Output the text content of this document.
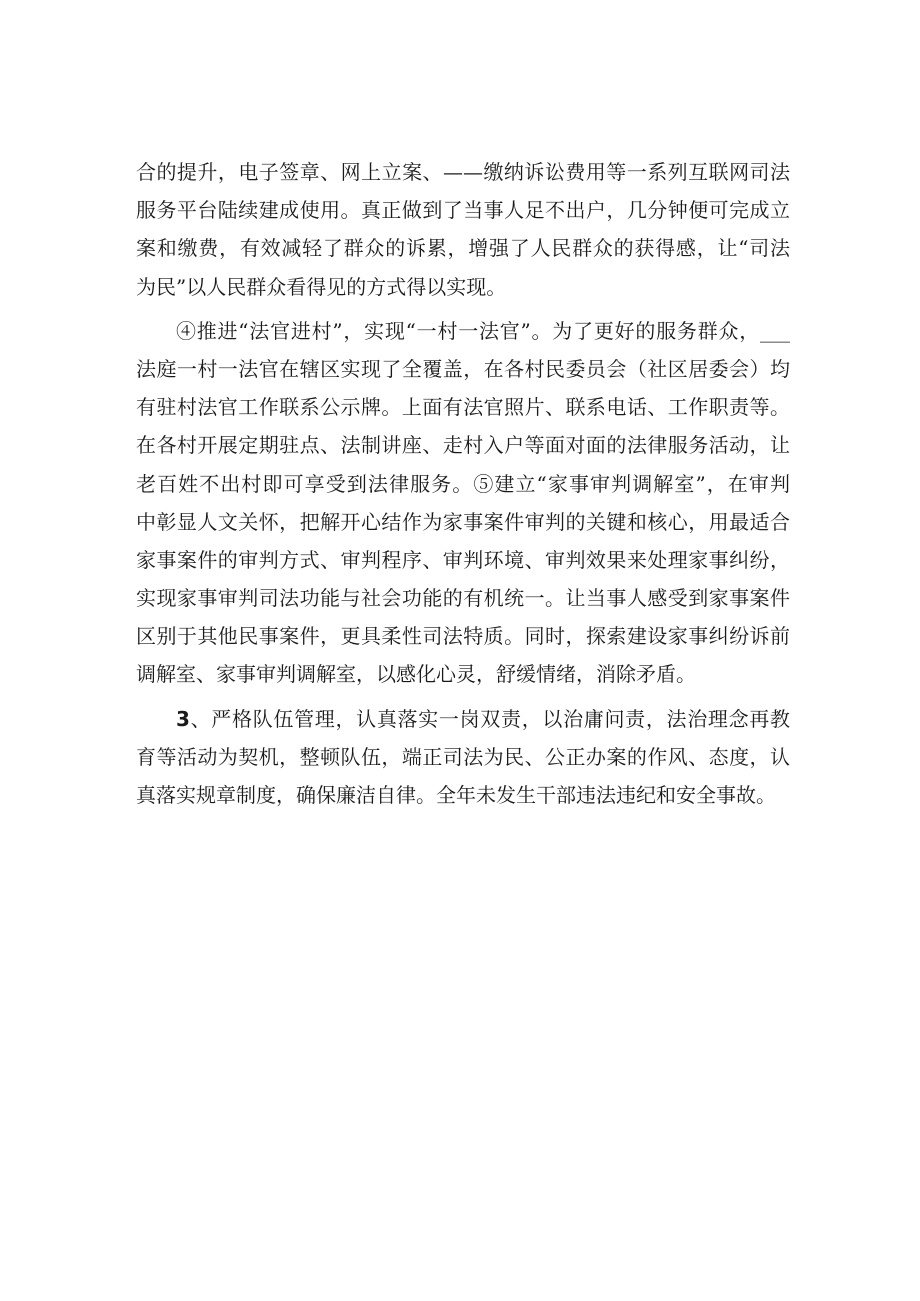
合的提升，电子签章、网上立案、——缴纳诉讼费用等一系列互联网司法
服务平台陆续建成使用。真正做到了当事人足不出户，几分钟便可完成立
案和缴费，有效减轻了群众的诉累，增强了人民群众的获得感，让“司法
为民”以人民群众看得见的方式得以实现。
④推进“法官进村”，实现“一村一法官”。为了更好的服务群众，___
法庭一村一法官在辖区实现了全覆盖，在各村民委员会（社区居委会）均
有驻村法官工作联系公示牌。上面有法官照片、联系电话、工作职责等。
在各村开展定期驻点、法制讲座、走村入户等面对面的法律服务活动，让
老百姓不出村即可享受到法律服务。⑤建立“家事审判调解室”，在审判
中彰显人文关怀，把解开心结作为家事案件审判的关键和核心，用最适合
家事案件的审判方式、审判程序、审判环境、审判效果来处理家事纠纷，
实现家事审判司法功能与社会功能的有机统一。让当事人感受到家事案件
区别于其他民事案件，更具柔性司法特质。同时，探索建设家事纠纷诉前
调解室、家事审判调解室，以感化心灵，舒缓情绪，消除矛盾。
3、严格队伍管理，认真落实一岗双责，以治庸问责，法治理念再教
育等活动为契机，整顿队伍，端正司法为民、公正办案的作风、态度，认
真落实规章制度，确保廉洁自律。全年未发生干部违法违纪和安全事故。
